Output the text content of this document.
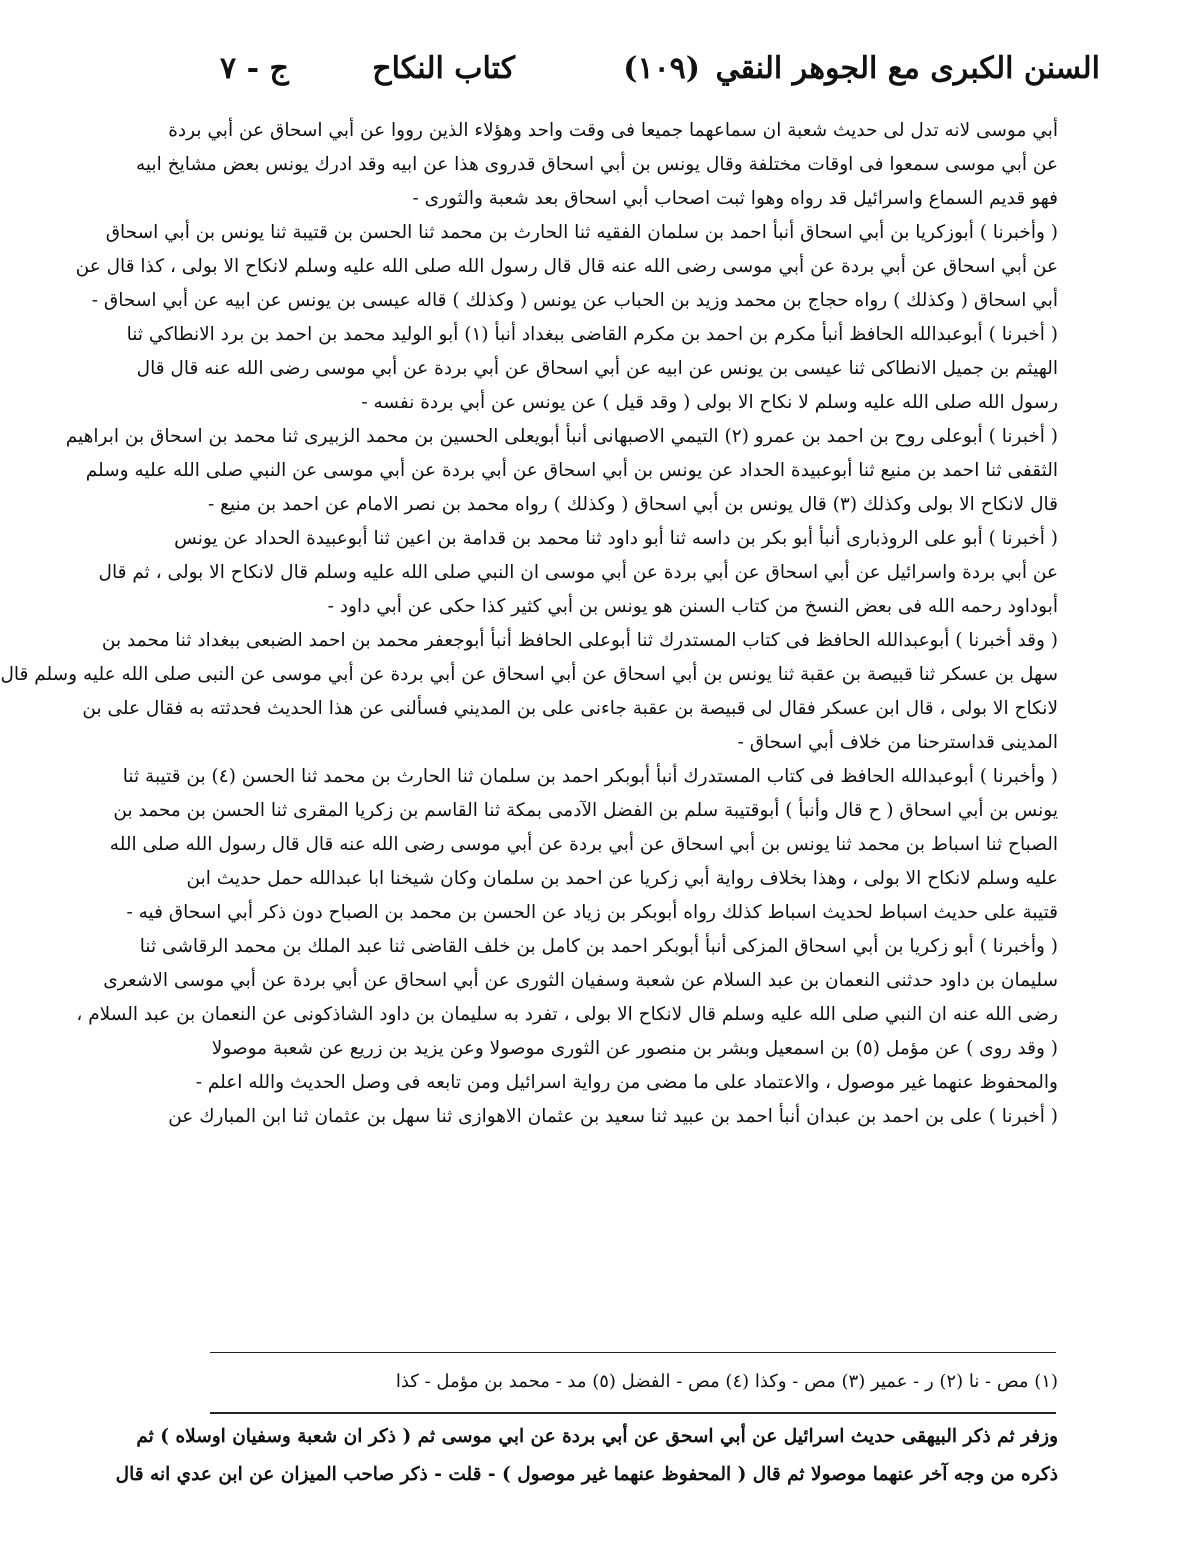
السنن الكبرى مع الجوهر النقي
(١٠٩)
كتاب النكاح
ج - ٧
أبي موسى لانه تدل لى حديث شعبة ان سماعهما جميعا فى وقت واحد وهؤلاء الذين رووا عن أبي اسحاق عن أبي بردة
عن أبي موسى سمعوا فى اوقات مختلفة وقال يونس بن أبي اسحاق قدروى هذا عن ابيه وقد ادرك يونس بعض مشايخ ابيه
فهو قديم السماع واسرائيل قد رواه وهوا ثبت اصحاب أبي اسحاق بعد شعبة والثورى -
( وأخبرنا ) أبوزكريا بن أبي اسحاق أنبأ احمد بن سلمان الفقيه ثنا الحارث بن محمد ثنا الحسن بن قتيبة ثنا يونس بن أبي اسحاق
عن أبي اسحاق عن أبي بردة عن أبي موسى رضى الله عنه قال قال رسول الله صلى الله عليه وسلم لانكاح الا بولى ، كذا قال عن
أبي اسحاق ( وكذلك ) رواه حجاج بن محمد وزيد بن الحباب عن يونس ( وكذلك ) قاله عيسى بن يونس عن ابيه عن أبي اسحاق -
( أخبرنا ) أبوعبدالله الحافظ أنبأ مكرم بن احمد بن مكرم القاضى ببغداد أنبأ (١) أبو الوليد محمد بن احمد بن برد الانطاكي ثنا
الهيثم بن جميل الانطاكى ثنا عيسى بن يونس عن ابيه عن أبي اسحاق عن أبي بردة عن أبي موسى رضى الله عنه قال قال
رسول الله صلى الله عليه وسلم لا نكاح الا بولى ( وقد قيل ) عن يونس عن أبي بردة نفسه -
( أخبرنا ) أبوعلى روح بن احمد بن عمرو (٢) التيمي الاصبهانى أنبأ أبويعلى الحسين بن محمد الزبيرى ثنا محمد بن اسحاق بن ابراهيم
الثقفى ثنا احمد بن منيع ثنا أبوعبيدة الحداد عن يونس بن أبي اسحاق عن أبي بردة عن أبي موسى عن النبي صلى الله عليه وسلم
قال لانكاح الا بولى وكذلك (٣) قال يونس بن أبي اسحاق ( وكذلك ) رواه محمد بن نصر الامام عن احمد بن منيع -
( أخبرنا ) أبو على الروذبارى أنبأ أبو بكر بن داسه ثنا أبو داود ثنا محمد بن قدامة بن اعين ثنا أبوعبيدة الحداد عن يونس
عن أبي بردة واسرائيل عن أبي اسحاق عن أبي بردة عن أبي موسى ان النبي صلى الله عليه وسلم قال لانكاح الا بولى ، ثم قال
أبوداود رحمه الله فى بعض النسخ من كتاب السنن هو يونس بن أبي كثير كذا حكى عن أبي داود -
( وقد أخبرنا ) أبوعبدالله الحافظ فى كتاب المستدرك ثنا أبوعلى الحافظ أنبأ أبوجعفر محمد بن احمد الضبعى ببغداد ثنا محمد بن
سهل بن عسكر ثنا قبيصة بن عقبة ثنا يونس بن أبي اسحاق عن أبي اسحاق عن أبي بردة عن أبي موسى عن النبى صلى الله عليه وسلم قال
لانكاح الا بولى ، قال ابن عسكر فقال لى قبيصة بن عقبة جاءنى على بن المديني فسألنى عن هذا الحديث فحدثته به فقال على بن
المدينى قداسترحنا من خلاف أبي اسحاق -
( وأخبرنا ) أبوعبدالله الحافظ فى كتاب المستدرك أنبأ أبوبكر احمد بن سلمان ثنا الحارث بن محمد ثنا الحسن (٤) بن قتيبة ثنا
يونس بن أبي اسحاق ( ح قال وأنبأ ) أبوقتيبة سلم بن الفضل الآدمى بمكة ثنا القاسم بن زكريا المقرى ثنا الحسن بن محمد بن
الصباح ثنا اسباط بن محمد ثنا يونس بن أبي اسحاق عن أبي بردة عن أبي موسى رضى الله عنه قال قال رسول الله صلى الله
عليه وسلم لانكاح الا بولى ، وهذا بخلاف رواية أبي زكريا عن احمد بن سلمان وكان شيخنا ابا عبدالله حمل حديث ابن
قتيبة على حديث اسباط لحديث اسباط كذلك رواه أبوبكر بن زياد عن الحسن بن محمد بن الصباح دون ذكر أبي اسحاق فيه -
( وأخبرنا ) أبو زكريا بن أبي اسحاق المزكى أنبأ أبوبكر احمد بن كامل بن خلف القاضى ثنا عبد الملك بن محمد الرقاشى ثنا
سليمان بن داود حدثنى النعمان بن عبد السلام عن شعبة وسفيان الثورى عن أبي اسحاق عن أبي بردة عن أبي موسى الاشعرى
رضى الله عنه ان النبي صلى الله عليه وسلم قال لانكاح الا بولى ، تفرد به سليمان بن داود الشاذكونى عن النعمان بن عبد السلام ،
( وقد روى ) عن مؤمل (٥) بن اسمعيل وبشر بن منصور عن الثورى موصولا وعن يزيد بن زريع عن شعبة موصولا
والمحفوظ عنهما غير موصول ، والاعتماد على ما مضى من رواية اسرائيل ومن تابعه فى وصل الحديث والله اعلم -
( أخبرنا ) على بن احمد بن عبدان أنبأ احمد بن عبيد ثنا سعيد بن عثمان الاهوازى ثنا سهل بن عثمان ثنا ابن المبارك عن
(١) مص - نا (٢) ر - عمير (٣) مص - وكذا (٤) مص - الفضل (٥) مد - محمد بن مؤمل - كذا
وزفر ثم ذكر البيهقى حديث اسرائيل عن أبي اسحق عن أبي بردة عن ابي موسى ثم ( ذكر ان شعبة وسفيان اوسلاه ) ثم
ذكره من وجه آخر عنهما موصولا ثم قال ( المحفوظ عنهما غير موصول ) - قلت - ذكر صاحب الميزان عن ابن عدي انه قال
